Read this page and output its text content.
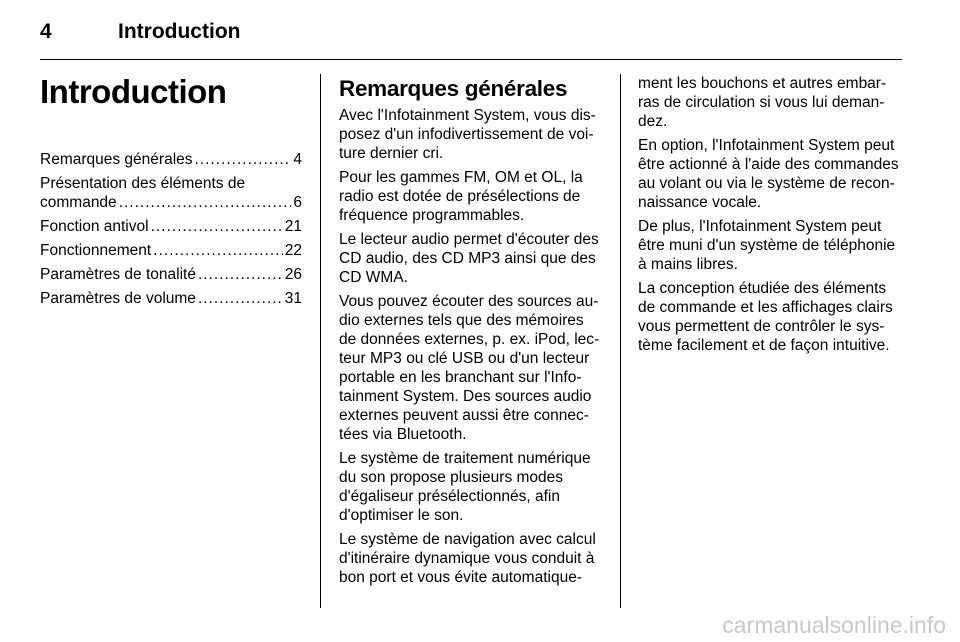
4	Introduction
Introduction
Remarques générales .....	4
Présentation des éléments de
commande .....	6
Fonction antivol .....	21
Fonctionnement .....	22
Paramètres de tonalité .....	26
Paramètres de volume .....	31
Remarques générales
Avec l'Infotainment System, vous dis-
posez d'un infodivertissement de voi-
ture dernier cri.
Pour les gammes FM, OM et OL, la
radio est dotée de présélections de
fréquence programmables.
Le lecteur audio permet d'écouter des
CD audio, des CD MP3 ainsi que des
CD WMA.
Vous pouvez écouter des sources au-
dio externes tels que des mémoires
de données externes, p. ex. iPod, lec-
teur MP3 ou clé USB ou d'un lecteur
portable en les branchant sur l'Info-
tainment System. Des sources audio
externes peuvent aussi être connec-
tées via Bluetooth.
Le système de traitement numérique
du son propose plusieurs modes
d'égaliseur présélectionnés, afin
d'optimiser le son.
Le système de navigation avec calcul
d'itinéraire dynamique vous conduit à
bon port et vous évite automatique-
ment les bouchons et autres embar-
ras de circulation si vous lui deman-
dez.
En option, l'Infotainment System peut
être actionné à l'aide des commandes
au volant ou via le système de recon-
naissance vocale.
De plus, l'Infotainment System peut
être muni d'un système de téléphonie
à mains libres.
La conception étudiée des éléments
de commande et les affichages clairs
vous permettent de contrôler le sys-
tème facilement et de façon intuitive.
carmanualsonline.info
